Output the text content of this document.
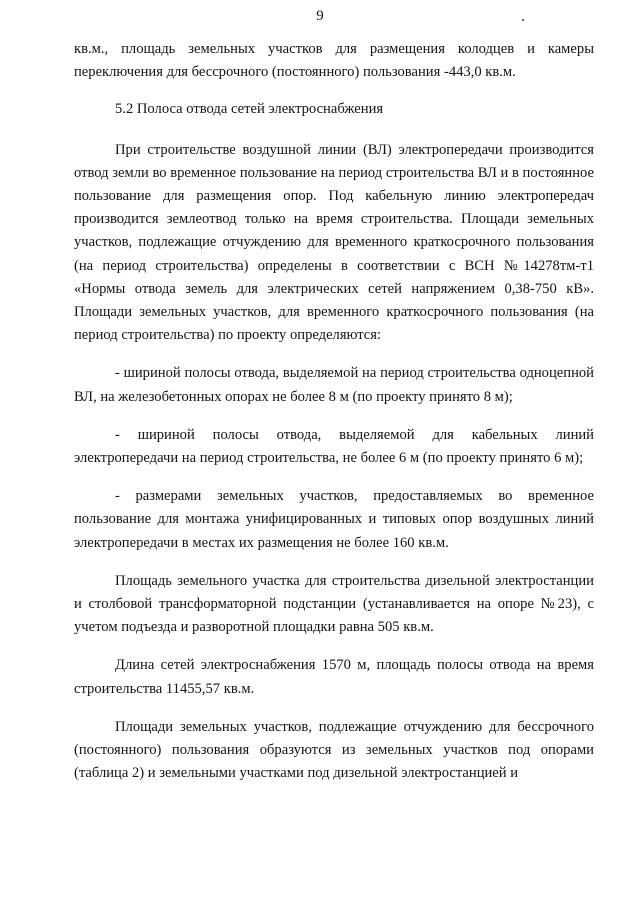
9

кв.м., площадь земельных участков для размещения колодцев и камеры переключения для бессрочного (постоянного) пользования -443,0 кв.м.

5.2 Полоса отвода сетей электроснабжения

При строительстве воздушной линии (ВЛ) электропередачи производится отвод земли во временное пользование на период строительства ВЛ и в постоянное пользование для размещения опор. Под кабельную линию электропередач производится землеотвод только на время строительства. Площади земельных участков, подлежащие отчуждению для временного краткосрочного пользования (на период строительства) определены в соответствии с ВСН №14278тм-т1 «Нормы отвода земель для электрических сетей напряжением 0,38-750 кВ». Площади земельных участков, для временного краткосрочного пользования (на период строительства) по проекту определяются:

- шириной полосы отвода, выделяемой на период строительства одноцепной ВЛ, на железобетонных опорах не более 8 м (по проекту принято 8 м);

- шириной полосы отвода, выделяемой для кабельных линий электропередачи на период строительства, не более 6 м (по проекту принято 6 м);

- размерами земельных участков, предоставляемых во временное пользование для монтажа унифицированных и типовых опор воздушных линий электропередачи в местах их размещения не более 160 кв.м.

Площадь земельного участка для строительства дизельной электростанции и столбовой трансформаторной подстанции (устанавливается на опоре №23), с учетом подъезда и разворотной площадки равна 505 кв.м.

Длина сетей электроснабжения 1570 м, площадь полосы отвода на время строительства 11455,57 кв.м.

Площади земельных участков, подлежащие отчуждению для бессрочного (постоянного) пользования образуются из земельных участков под опорами (таблица 2) и земельными участками под дизельной электростанцией и
